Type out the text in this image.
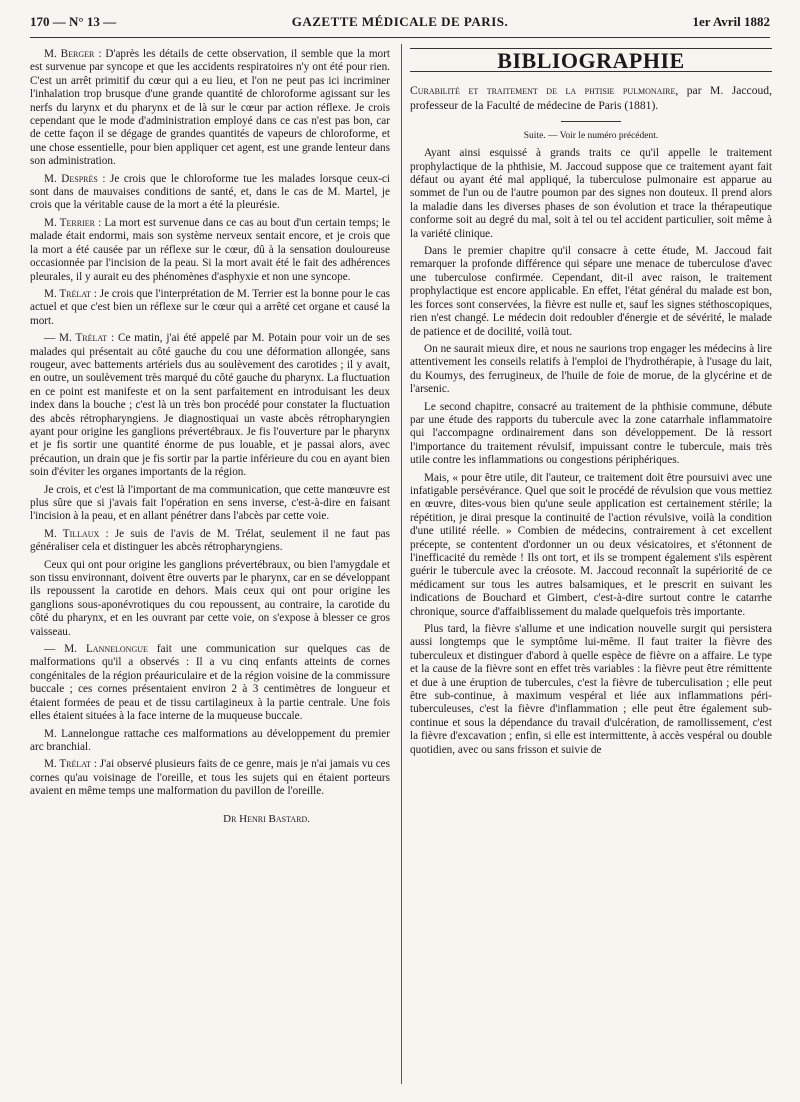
170 — N° 13 —	GAZETTE MÉDICALE DE PARIS.	1er Avril 1882

M. Berger : D'après les détails de cette observation, il semble que la mort est survenue par syncope et que les accidents respiratoires n'y ont été pour rien. C'est un arrêt primitif du cœur qui a eu lieu, et l'on ne peut pas ici incriminer l'inhalation trop brusque d'une grande quantité de chloroforme agissant sur les nerfs du larynx et du pharynx et de là sur le cœur par action réflexe. Je crois cependant que le mode d'administration employé dans ce cas n'est pas bon, car de cette façon il se dégage de grandes quantités de vapeurs de chloroforme, et une chose essentielle, pour bien appliquer cet agent, est une grande lenteur dans son administration.

M. Desprès : Je crois que le chloroforme tue les malades lorsque ceux-ci sont dans de mauvaises conditions de santé, et, dans le cas de M. Martel, je crois que la véritable cause de la mort a été la pleurésie.

M. Terrier : La mort est survenue dans ce cas au bout d'un certain temps; le malade était endormi, mais son système nerveux sentait encore, et je crois que la mort a été causée par un réflexe sur le cœur, dû à la sensation douloureuse occasionnée par l'incision de la peau. Si la mort avait été le fait des adhérences pleurales, il y aurait eu des phénomènes d'asphyxie et non une syncope.

M. Trélat : Je crois que l'interprétation de M. Terrier est la bonne pour le cas actuel et que c'est bien un réflexe sur le cœur qui a arrêté cet organe et causé la mort.

— M. Trélat : Ce matin, j'ai été appelé par M. Potain pour voir un de ses malades qui présentait au côté gauche du cou une déformation allongée, sans rougeur, avec battements artériels dus au soulèvement des carotides ; il y avait, en outre, un soulèvement très marqué du côté gauche du pharynx. La fluctuation en ce point est manifeste et on la sent parfaitement en introduisant les deux index dans la bouche ; c'est là un très bon procédé pour constater la fluctuation des abcès rétropharyngiens. Je diagnostiquai un vaste abcès rétropharyngien ayant pour origine les ganglions prévertébraux. Je fis l'ouverture par le pharynx et je fis sortir une quantité énorme de pus louable, et je passai alors, avec précaution, un drain que je fis sortir par la partie inférieure du cou en ayant bien soin d'éviter les organes importants de la région.

Je crois, et c'est là l'important de ma communication, que cette manœuvre est plus sûre que si j'avais fait l'opération en sens inverse, c'est-à-dire en faisant l'incision à la peau, et en allant pénétrer dans l'abcès par cette voie.

M. Tillaux : Je suis de l'avis de M. Trélat, seulement il ne faut pas généraliser cela et distinguer les abcès rétropharyngiens.

Ceux qui ont pour origine les ganglions prévertébraux, ou bien l'amygdale et son tissu environnant, doivent être ouverts par le pharynx, car en se développant ils repoussent la carotide en dehors. Mais ceux qui ont pour origine les ganglions sous-aponévrotiques du cou repoussent, au contraire, la carotide du côté du pharynx, et en les ouvrant par cette voie, on s'expose à blesser ce gros vaisseau.

— M. Lannelongue fait une communication sur quelques cas de malformations qu'il a observés : Il a vu cinq enfants atteints de cornes congénitales de la région préauriculaire et de la région voisine de la commissure buccale ; ces cornes présentaient environ 2 à 3 centimètres de longueur et étaient formées de peau et de tissu cartilagineux à la partie centrale. Une fois elles étaient situées à la face interne de la muqueuse buccale.

M. Lannelongue rattache ces malformations au développement du premier arc branchial.

M. Trélat : J'ai observé plusieurs faits de ce genre, mais je n'ai jamais vu ces cornes qu'au voisinage de l'oreille, et tous les sujets qui en étaient porteurs avaient en même temps une malformation du pavillon de l'oreille.

Dr Henri Bastard.
BIBLIOGRAPHIE

Curabilité et traitement de la phtisie pulmonaire, par M. Jaccoud, professeur de la Faculté de médecine de Paris (1881).

Suite. — Voir le numéro précédent.

Ayant ainsi esquissé à grands traits ce qu'il appelle le traitement prophylactique de la phthisie, M. Jaccoud suppose que ce traitement ayant fait défaut ou ayant été mal appliqué, la tuberculose pulmonaire est apparue au sommet de l'un ou de l'autre poumon par des signes non douteux. Il prend alors la maladie dans les diverses phases de son évolution et trace la thérapeutique conforme soit au degré du mal, soit à tel ou tel accident particulier, soit même à la variété clinique.

Dans le premier chapitre qu'il consacre à cette étude, M. Jaccoud fait remarquer la profonde différence qui sépare une menace de tuberculose d'avec une tuberculose confirmée. Cependant, dit-il avec raison, le traitement prophylactique est encore applicable. En effet, l'état général du malade est bon, les forces sont conservées, la fièvre est nulle et, sauf les signes stéthoscopiques, rien n'est changé. Le médecin doit redoubler d'énergie et de sévérité, le malade de patience et de docilité, voilà tout.

On ne saurait mieux dire, et nous ne saurions trop engager les médecins à lire attentivement les conseils relatifs à l'emploi de l'hydrothérapie, à l'usage du lait, du Koumys, des ferrugineux, de l'huile de foie de morue, de la glycérine et de l'arsenic.

Le second chapitre, consacré au traitement de la phthisie commune, débute par une étude des rapports du tubercule avec la zone catarrhale inflammatoire qui l'accompagne ordinairement dans son développement. De là ressort l'importance du traitement révulsif, impuissant contre le tubercule, mais très utile contre les inflammations ou congestions périphériques.

Mais, « pour être utile, dit l'auteur, ce traitement doit être poursuivi avec une infatigable persévérance. Quel que soit le procédé de révulsion que vous mettiez en œuvre, dites-vous bien qu'une seule application est certainement stérile; la répétition, je dirai presque la continuité de l'action révulsive, voilà la condition d'une utilité réelle. » Combien de médecins, contrairement à cet excellent précepte, se contentent d'ordonner un ou deux vésicatoires, et s'étonnent de l'inefficacité du remède ! Ils ont tort, et ils se trompent également s'ils espèrent guérir le tubercule avec la créosote. M. Jaccoud reconnaît la supériorité de ce médicament sur tous les autres balsamiques, et le prescrit en suivant les indications de Bouchard et Gimbert, c'est-à-dire surtout contre le catarrhe chronique, source d'affaiblissement du malade quelquefois très importante.

Plus tard, la fièvre s'allume et une indication nouvelle surgit qui persistera aussi longtemps que le symptôme lui-même. Il faut traiter la fièvre des tuberculeux et distinguer d'abord à quelle espèce de fièvre on a affaire. Le type et la cause de la fièvre sont en effet très variables : la fièvre peut être rémittente et due à une éruption de tubercules, c'est la fièvre de tuberculisation ; elle peut être sub-continue, à maximum vespéral et liée aux inflammations péri-tuberculeuses, c'est la fièvre d'inflammation ; elle peut être également sub-continue et sous la dépendance du travail d'ulcération, de ramollissement, c'est la fièvre d'excavation ; enfin, si elle est intermittente, à accès vespéral ou double quotidien, avec ou sans frisson et suivie de
